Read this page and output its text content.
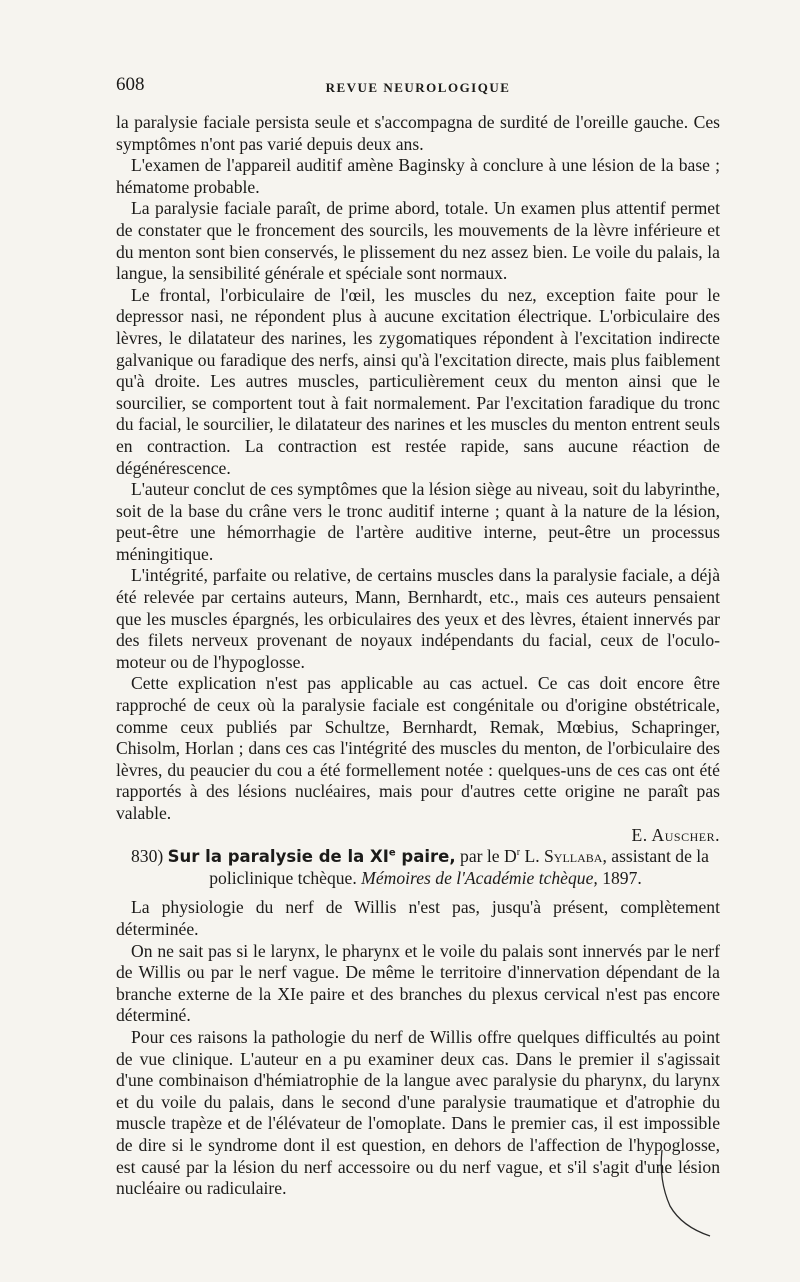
608	REVUE NEUROLOGIQUE

la paralysie faciale persista seule et s'accompagna de surdité de l'oreille gauche. Ces symptômes n'ont pas varié depuis deux ans.

L'examen de l'appareil auditif amène Baginsky à conclure à une lésion de la base ; hématome probable.

La paralysie faciale paraît, de prime abord, totale. Un examen plus attentif permet de constater que le froncement des sourcils, les mouvements de la lèvre inférieure et du menton sont bien conservés, le plissement du nez assez bien. Le voile du palais, la langue, la sensibilité générale et spéciale sont normaux.

Le frontal, l'orbiculaire de l'œil, les muscles du nez, exception faite pour le depressor nasi, ne répondent plus à aucune excitation électrique. L'orbiculaire des lèvres, le dilatateur des narines, les zygomatiques répondent à l'excitation indirecte galvanique ou faradique des nerfs, ainsi qu'à l'excitation directe, mais plus faiblement qu'à droite. Les autres muscles, particulièrement ceux du menton ainsi que le sourcilier, se comportent tout à fait normalement. Par l'excitation faradique du tronc du facial, le sourcilier, le dilatateur des narines et les muscles du menton entrent seuls en contraction. La contraction est restée rapide, sans aucune réaction de dégénérescence.

L'auteur conclut de ces symptômes que la lésion siège au niveau, soit du labyrinthe, soit de la base du crâne vers le tronc auditif interne ; quant à la nature de la lésion, peut-être une hémorrhagie de l'artère auditive interne, peut-être un processus méningitique.

L'intégrité, parfaite ou relative, de certains muscles dans la paralysie faciale, a déjà été relevée par certains auteurs, Mann, Bernhardt, etc., mais ces auteurs pensaient que les muscles épargnés, les orbiculaires des yeux et des lèvres, étaient innervés par des filets nerveux provenant de noyaux indépendants du facial, ceux de l'oculo-moteur ou de l'hypoglosse.

Cette explication n'est pas applicable au cas actuel. Ce cas doit encore être rapproché de ceux où la paralysie faciale est congénitale ou d'origine obstétricale, comme ceux publiés par Schultze, Bernhardt, Remak, Mœbius, Schapringer, Chisolm, Horlan ; dans ces cas l'intégrité des muscles du menton, de l'orbiculaire des lèvres, du peaucier du cou a été formellement notée : quelques-uns de ces cas ont été rapportés à des lésions nucléaires, mais pour d'autres cette origine ne paraît pas valable.

E. Auscher.

830) Sur la paralysie de la XIe paire, par le $D^r$ L. Syllaba, assistant de la
policlinique tchèque. Mémoires de l'Académie tchèque, 1897.

La physiologie du nerf de Willis n'est pas, jusqu'à présent, complètement déterminée.

On ne sait pas si le larynx, le pharynx et le voile du palais sont innervés par le nerf de Willis ou par le nerf vague. De même le territoire d'innervation dépendant de la branche externe de la XIe paire et des branches du plexus cervical n'est pas encore déterminé.

Pour ces raisons la pathologie du nerf de Willis offre quelques difficultés au point de vue clinique. L'auteur en a pu examiner deux cas. Dans le premier il s'agissait d'une combinaison d'hémiatrophie de la langue avec paralysie du pharynx, du larynx et du voile du palais, dans le second d'une paralysie traumatique et d'atrophie du muscle trapèze et de l'élévateur de l'omoplate. Dans le premier cas, il est impossible de dire si le syndrome dont il est question, en dehors de l'affection de l'hypoglosse, est causé par la lésion du nerf accessoire ou du nerf vague, et s'il s'agit d'une lésion nucléaire ou radiculaire.
